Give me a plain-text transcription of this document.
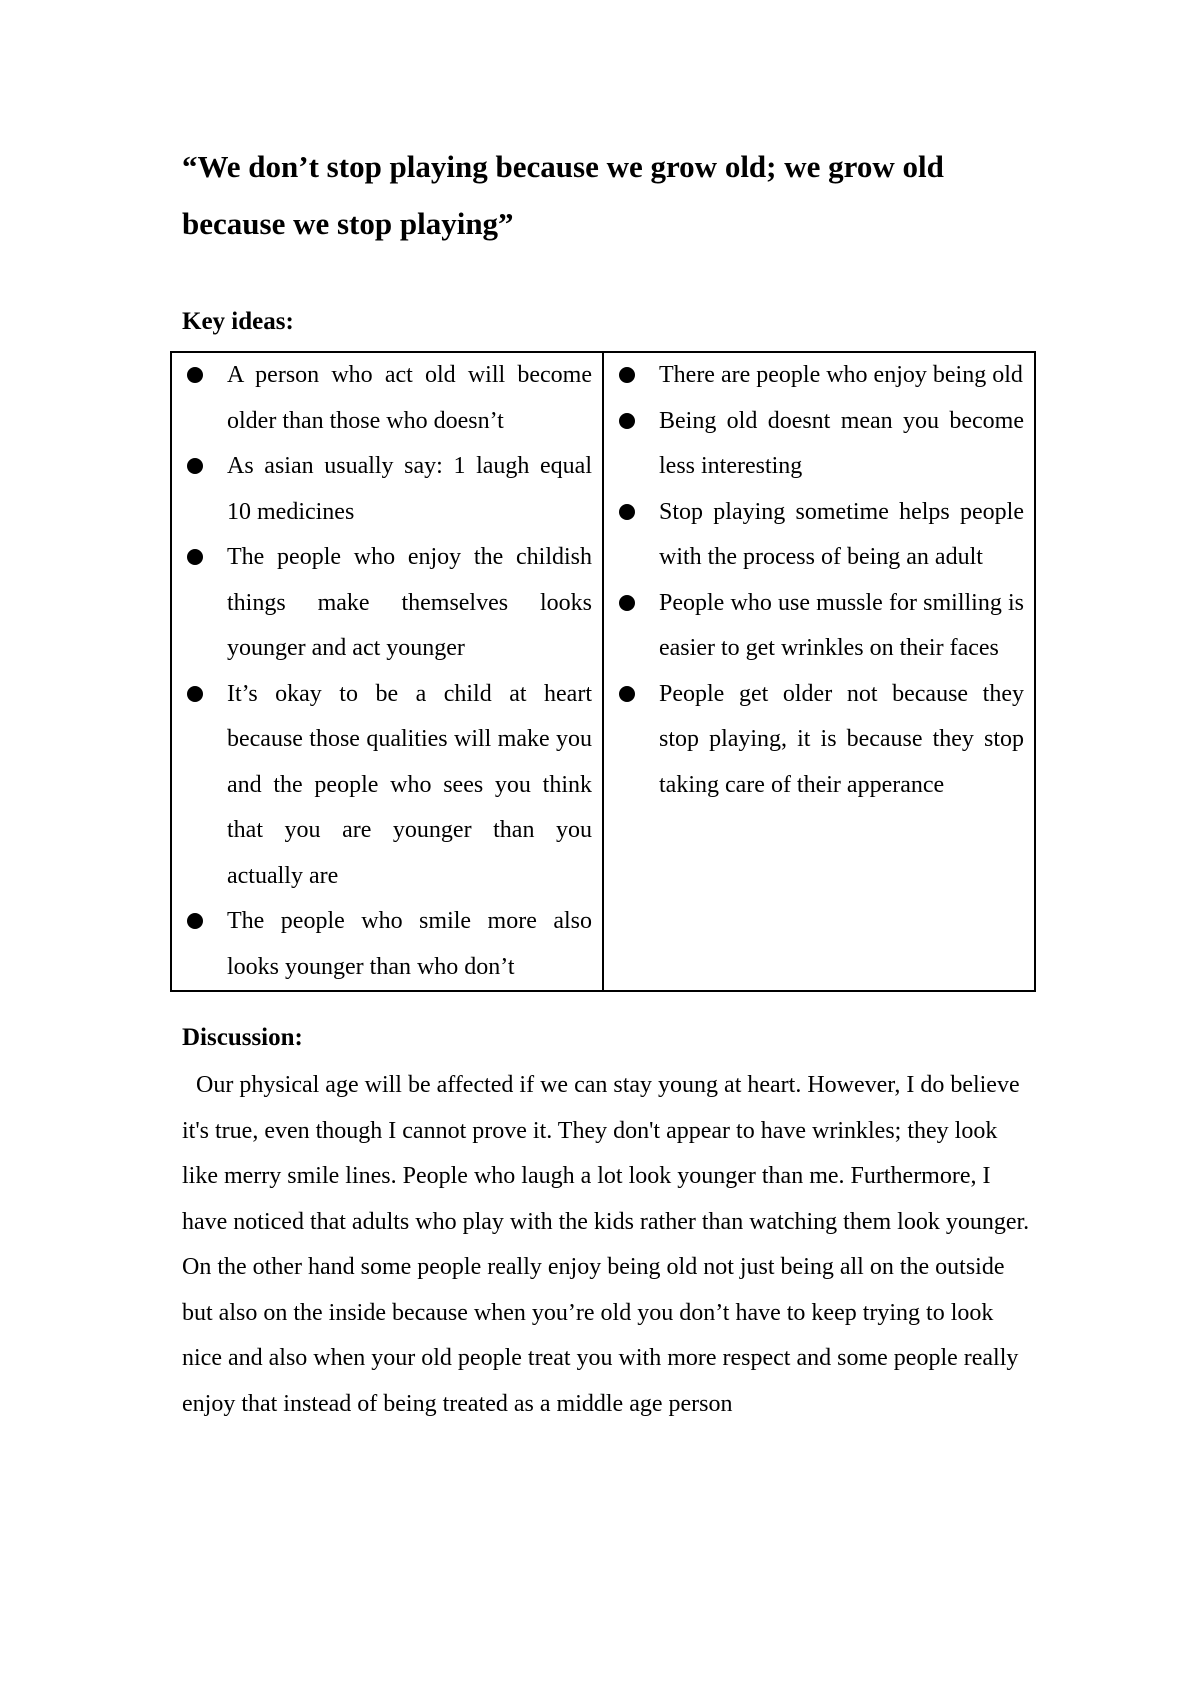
“We don’t stop playing because we grow old; we grow old
because we stop playing”
Key ideas:
A person who act old will become older than those who doesn’t
As asian usually say: 1 laugh equal 10 medicines
The people who enjoy the childish things make themselves looks younger and act younger
It’s okay to be a child at heart because those qualities will make you and the people who sees you think that you are younger than you actually are
The people who smile more also looks younger than who don’t

There are people who enjoy being old
Being old doesnt mean you become less interesting
Stop playing sometime helps people with the process of being an adult
People who use mussle for smilling is easier to get wrinkles on their faces
People get older not because they stop playing, it is because they stop taking care of their apperance
Discussion:

Our physical age will be affected if we can stay young at heart. However, I do believe it's true, even though I cannot prove it. They don't appear to have wrinkles; they look like merry smile lines. People who laugh a lot look younger than me. Furthermore, I have noticed that adults who play with the kids rather than watching them look younger.

On the other hand some people really enjoy being old not just being all on the outside but also on the inside because when you’re old you don’t have to keep trying to look nice and also when your old people treat you with more respect and some people really enjoy that instead of being treated as a middle age person
